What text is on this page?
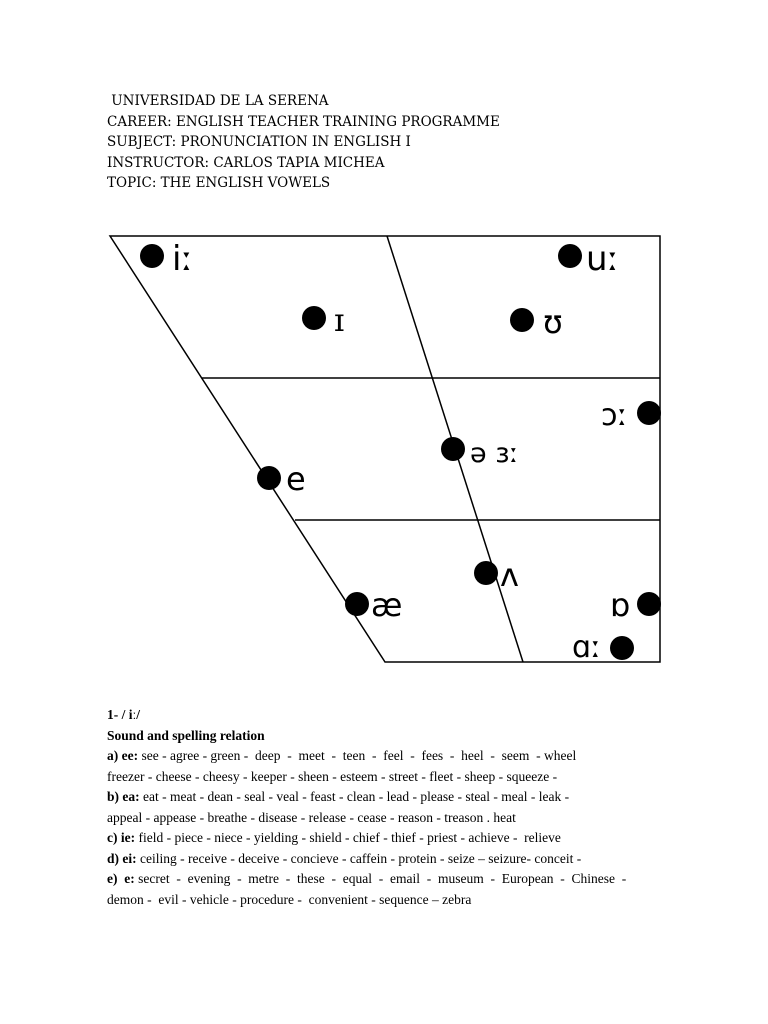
UNIVERSIDAD DE LA SERENA
CAREER: ENGLISH TEACHER TRAINING PROGRAMME
SUBJECT: PRONUNCIATION IN ENGLISH I
INSTRUCTOR: CARLOS TAPIA MICHEA
TOPIC: THE ENGLISH VOWELS
iː	uː
ɪ	ʊ
ɔː
ə ɜː
e
ʌ
æ	ɒ
ɑː
1- / iː/
Sound and spelling relation
a) ee: see - agree - green -  deep  -  meet  -  teen  -  feel  -  fees  -  heel  -  seem  - wheel
freezer - cheese - cheesy - keeper - sheen - esteem - street - fleet - sheep - squeeze -
b) ea: eat - meat - dean - seal - veal - feast - clean - lead - please - steal - meal - leak -
appeal - appease - breathe - disease - release - cease - reason - treason . heat
c) ie: field - piece - niece - yielding - shield - chief - thief - priest - achieve -  relieve
d) ei: ceiling - receive - deceive - concieve - caffein - protein - seize – seizure- conceit -
e)  e: secret  -  evening  -  metre  -  these  -  equal  -  email  -  museum  -  European  -  Chinese  -
demon -  evil - vehicle - procedure -  convenient - sequence – zebra
